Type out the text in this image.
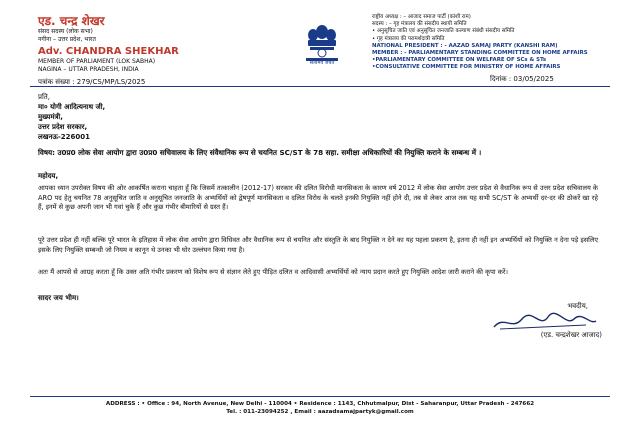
एड. चन्द्र शेखर
संसद सदस्य (लोक सभा)
नगीना – उत्तर प्रदेश, भारत
Adv. CHANDRA SHEKHAR
MEMBER OF PARLIAMENT (LOK SABHA)
NAGINA – UTTAR PRADESH, INDIA
पत्रांक संख्या : 279/CS/MP/LS/2025
सत्यमेव जयते
राष्ट्रीय अध्यक्ष : – आजाद समाज पार्टी (कांशी राम)
सदस्य : – गृह मंत्रालय की संसदीय स्थायी समिति
• अनुसूचित जाति एवं अनुसूचित जनजाति कल्याण संबंधी संसदीय समिति
• गृह मंत्रालय की परामर्शदात्री समिति
NATIONAL PRESIDENT : - AAZAD SAMAJ PARTY (KANSHI RAM)
MEMBER : - PARLIAMENTARY STANDING COMMITTEE ON HOME AFFAIRS
•PARLIAMENTARY COMMITTEE ON WELFARE OF SCs & STs
•CONSULTATIVE COMMITTEE FOR MINISTRY OF HOME AFFAIRS
दिनांक : 03/05/2025
प्रति,
मा० योगी आदित्यनाथ जी,
मुख्यमंत्री,
उत्तर प्रदेश सरकार,
लखनऊ-226001
विषय: उ0प्र0 लोक सेवा आयोग द्वारा उ0प्र0 सचिवालय के लिए संवैधानिक रूप से चयनित SC/ST के 78 सहा. समीक्षा अधिकारियों की नियुक्ति कराने के सम्बन्ध में ।
महोदय,
आपका ध्यान उपरोक्त विषय की ओर आकर्षित कराना चाहता हूँ कि जिसमें तत्कालीन (2012-17) सरकार की दलित विरोधी मानसिकता के कारण वर्ष 2012 में लोक सेवा आयोग उत्तर प्रदेश से वैधानिक रूप से उत्तर प्रदेश सचिवालय के ARO पद हेतु चयनित 78 अनुसूचित जाति व अनुसूचित जनजाति के अभ्यर्थियों को द्वेषपूर्ण मानसिकता व दलित विरोध के चलते इनकी नियुक्ति नहीं होने दी, तब से लेकर आज तक यह सभी SC/ST के अभ्यर्थी दर-दर की ठोकरें खा रहे हैं, इनमें से कुछ अपनी जान भी गवां चुके हैं और कुछ गंभीर बीमारियों से ग्रस्त हैं।
पूरे उत्तर प्रदेश ही नहीं बल्कि पूरे भारत के इतिहास में लोक सेवा आयोग द्वारा विधिवत और वैधानिक रूप से चयनित और संस्तुति के बाद नियुक्ति न देने का यह पहला प्रकरण है, इतना ही नहीं इन अभ्यर्थियों को नियुक्ति न देना पड़े इसलिए इसके लिए नियुक्ति सम्बन्धी जो नियम व कानून थे उनका भी घोर उल्लंघन किया गया है।
अतः मैं आपसे से आग्रह करता हूँ कि उक्त अति गंभीर प्रकरण को विशेष रूप से संज्ञान लेते हुए पीड़ित दलित व आदिवासी अभ्यर्थियों को न्याय प्रदान करते हुए नियुक्ति आदेश जारी कराने की कृपा करें।
सादर जय भीम।
भवदीय,
(एड. चन्द्रशेखर आजाद)
ADDRESS : • Office : 94, North Avenue, New Delhi - 110004 • Residence : 1143, Chhutmalpur, Dist - Saharanpur, Uttar Pradesh - 247662
Tel. : 011-23094252 , Email : aazadsamajpartyk@gmail.com
